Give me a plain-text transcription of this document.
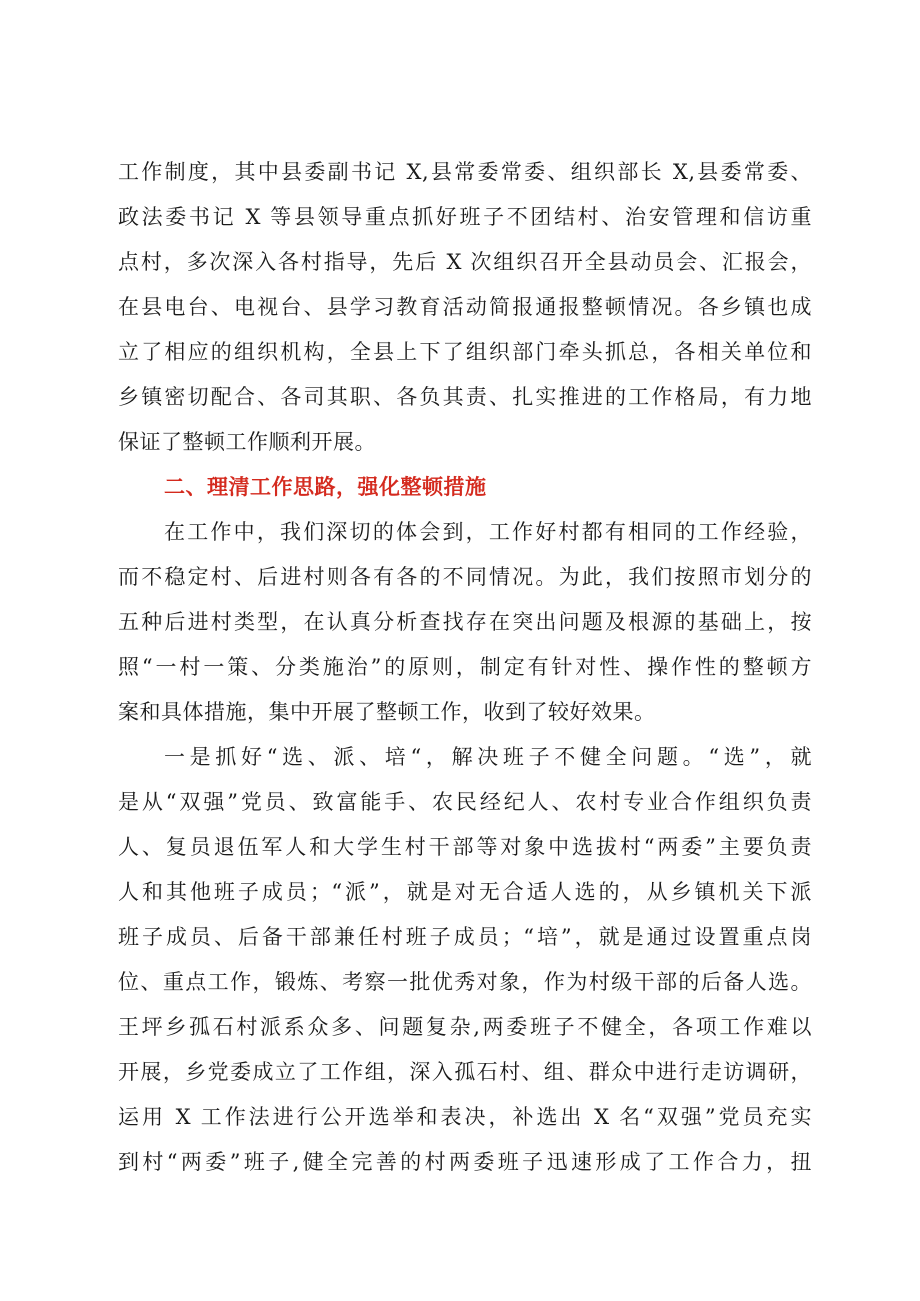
工作制度，其中县委副书记 X,县常委常委、组织部长 X,县委常委、
政法委书记 X 等县领导重点抓好班子不团结村、治安管理和信访重
点村，多次深入各村指导，先后 X 次组织召开全县动员会、汇报会，
在县电台、电视台、县学习教育活动简报通报整顿情况。各乡镇也成
立了相应的组织机构，全县上下了组织部门牵头抓总，各相关单位和
乡镇密切配合、各司其职、各负其责、扎实推进的工作格局，有力地
保证了整顿工作顺利开展。
二、理清工作思路，强化整顿措施
在工作中，我们深切的体会到，工作好村都有相同的工作经验，
而不稳定村、后进村则各有各的不同情况。为此，我们按照市划分的
五种后进村类型，在认真分析查找存在突出问题及根源的基础上，按
照“一村一策、分类施治”的原则，制定有针对性、操作性的整顿方
案和具体措施，集中开展了整顿工作，收到了较好效果。
一是抓好“选、派、培“，解决班子不健全问题。“选”，就
是从“双强”党员、致富能手、农民经纪人、农村专业合作组织负责
人、复员退伍军人和大学生村干部等对象中选拔村“两委”主要负责
人和其他班子成员；“派”，就是对无合适人选的，从乡镇机关下派
班子成员、后备干部兼任村班子成员；“培”，就是通过设置重点岗
位、重点工作，锻炼、考察一批优秀对象，作为村级干部的后备人选。
王坪乡孤石村派系众多、问题复杂,两委班子不健全，各项工作难以
开展，乡党委成立了工作组，深入孤石村、组、群众中进行走访调研，
运用 X 工作法进行公开选举和表决，补选出 X 名“双强”党员充实
到村“两委”班子,健全完善的村两委班子迅速形成了工作合力，扭
